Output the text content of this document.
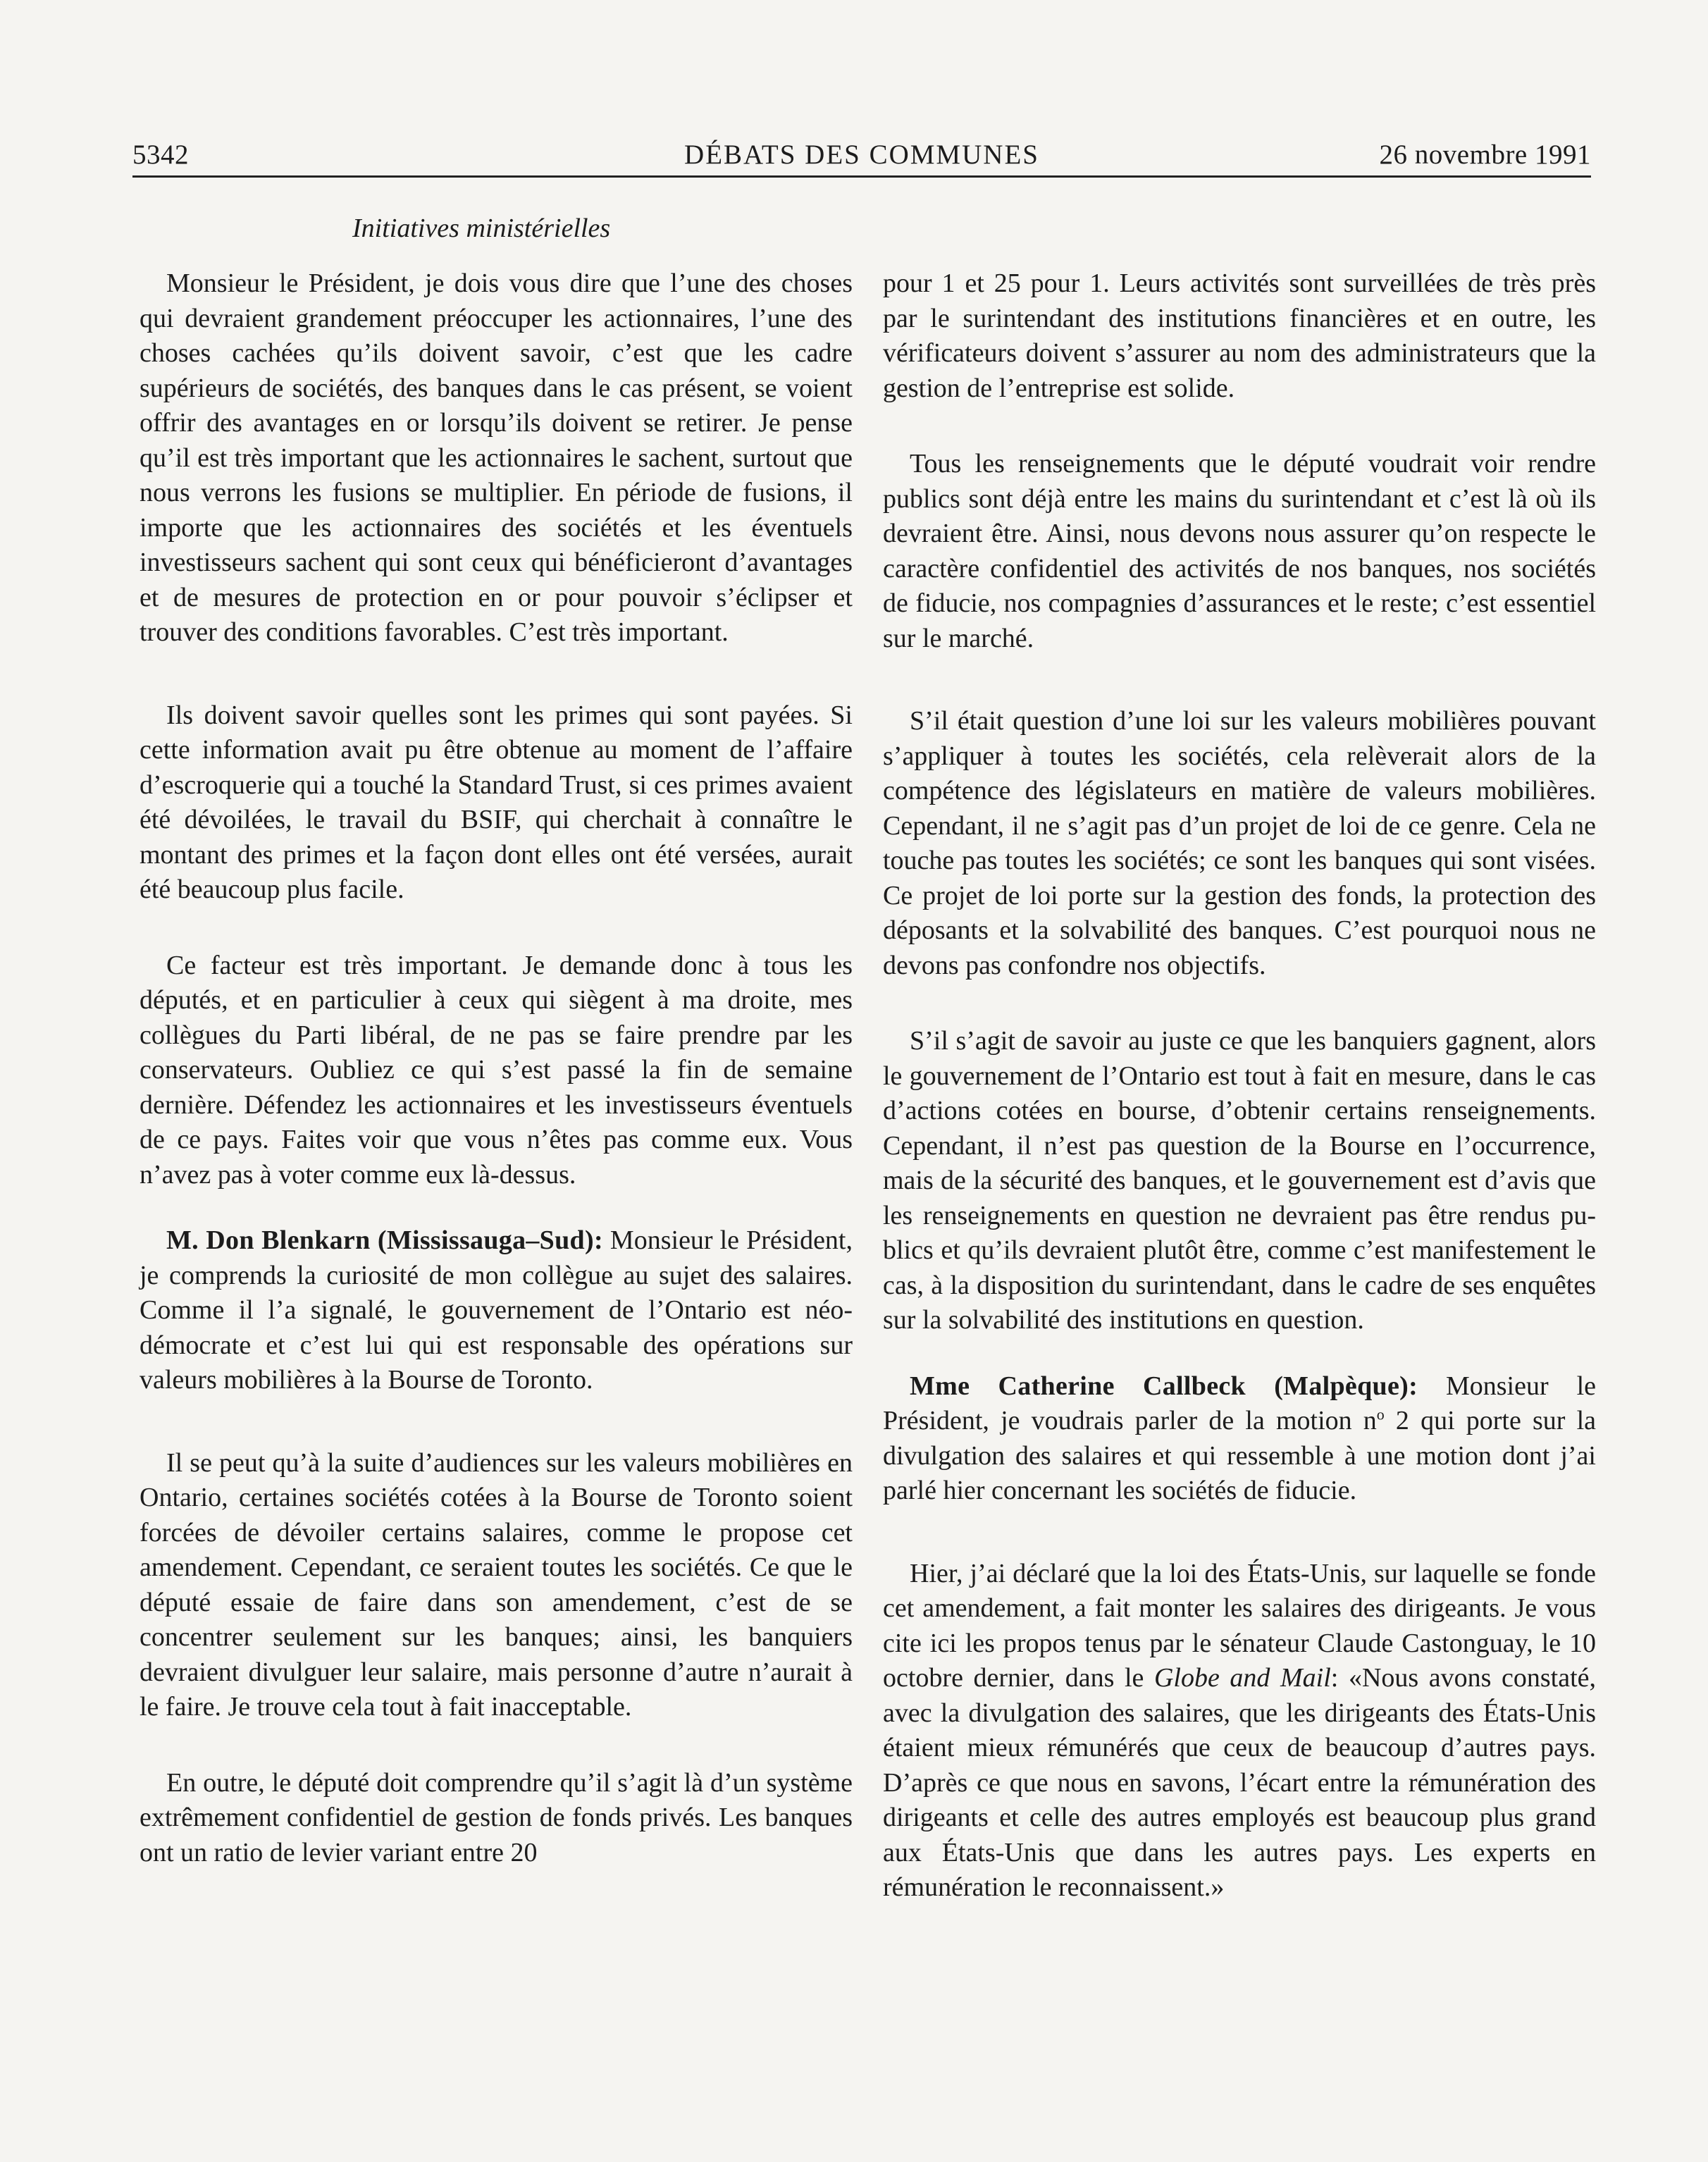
5342	DÉBATS DES COMMUNES	26 novembre 1991
Initiatives ministérielles

Monsieur le Président, je dois vous dire que l’une des choses qui devraient grandement préoccuper les actionnaires, l’une des choses cachées qu’ils doivent savoir, c’est que les cadre supérieurs de sociétés, des banques dans le cas présent, se voient offrir des avantages en or lorsqu’ils doivent se retirer. Je pense qu’il est très important que les actionnaires le sachent, surtout que nous verrons les fusions se multiplier. En période de fusions, il importe que les actionnaires des sociétés et les éventuels investisseurs sachent qui sont ceux qui bénéficieront d’avantages et de mesures de protection en or pour pouvoir s’éclipser et trouver des conditions favorables. C’est très important.

Ils doivent savoir quelles sont les primes qui sont payées. Si cette information avait pu être obtenue au moment de l’affaire d’escroquerie qui a touché la Standard Trust, si ces primes avaient été dévoilées, le travail du BSIF, qui cherchait à connaître le montant des primes et la façon dont elles ont été versées, aurait été beaucoup plus facile.

Ce facteur est très important. Je demande donc à tous les députés, et en particulier à ceux qui siègent à ma droite, mes collègues du Parti libéral, de ne pas se faire prendre par les conservateurs. Oubliez ce qui s’est passé la fin de semaine dernière. Défendez les actionnaires et les investisseurs éventuels de ce pays. Faites voir que vous n’êtes pas comme eux. Vous n’avez pas à voter comme eux là-dessus.

M. Don Blenkarn (Mississauga–Sud): Monsieur le Président, je comprends la curiosité de mon collègue au sujet des salaires. Comme il l’a signalé, le gouvernement de l’Ontario est néo-démocrate et c’est lui qui est responsable des opérations sur valeurs mobilières à la Bourse de Toronto.

Il se peut qu’à la suite d’audiences sur les valeurs mobilières en Ontario, certaines sociétés cotées à la Bourse de Toronto soient forcées de dévoiler certains salaires, comme le propose cet amendement. Cependant, ce seraient toutes les sociétés. Ce que le député essaie de faire dans son amendement, c’est de se concentrer seulement sur les banques; ainsi, les banquiers devraient divulguer leur salaire, mais personne d’autre n’aurait à le faire. Je trouve cela tout à fait inacceptable.

En outre, le député doit comprendre qu’il s’agit là d’un système extrêmement confidentiel de gestion de fonds privés. Les banques ont un ratio de levier variant entre 20

pour 1 et 25 pour 1. Leurs activités sont surveillées de très près par le surintendant des institutions financières et en outre, les vérificateurs doivent s’assurer au nom des administrateurs que la gestion de l’entreprise est solide.

Tous les renseignements que le député voudrait voir rendre publics sont déjà entre les mains du surintendant et c’est là où ils devraient être. Ainsi, nous devons nous assurer qu’on respecte le caractère confidentiel des activités de nos banques, nos sociétés de fiducie, nos compagnies d’assurances et le reste; c’est essentiel sur le marché.

S’il était question d’une loi sur les valeurs mobilières pouvant s’appliquer à toutes les sociétés, cela relèverait alors de la compétence des législateurs en matière de valeurs mobilières. Cependant, il ne s’agit pas d’un projet de loi de ce genre. Cela ne touche pas toutes les sociétés; ce sont les banques qui sont visées. Ce projet de loi porte sur la gestion des fonds, la protection des déposants et la solvabilité des banques. C’est pourquoi nous ne devons pas confondre nos objectifs.

S’il s’agit de savoir au juste ce que les banquiers gagnent, alors le gouvernement de l’Ontario est tout à fait en mesure, dans le cas d’actions cotées en bourse, d’obtenir certains renseignements. Cependant, il n’est pas question de la Bourse en l’occurrence, mais de la sécurité des banques, et le gouvernement est d’avis que les renseignements en question ne devraient pas être rendus publics et qu’ils devraient plutôt être, comme c’est manifestement le cas, à la disposition du surintendant, dans le cadre de ses enquêtes sur la solvabilité des institutions en question.

Mme Catherine Callbeck (Malpèque): Monsieur le Président, je voudrais parler de la motion $n^o$ 2 qui porte sur la divulgation des salaires et qui ressemble à une motion dont j’ai parlé hier concernant les sociétés de fiducie.

Hier, j’ai déclaré que la loi des États-Unis, sur laquelle se fonde cet amendement, a fait monter les salaires des dirigeants. Je vous cite ici les propos tenus par le sénateur Claude Castonguay, le 10 octobre dernier, dans le Globe and Mail: «Nous avons constaté, avec la divulgation des salaires, que les dirigeants des États-Unis étaient mieux rémunérés que ceux de beaucoup d’autres pays. D’après ce que nous en savons, l’écart entre la rémunération des dirigeants et celle des autres employés est beaucoup plus grand aux États-Unis que dans les autres pays. Les experts en rémunération le reconnaissent.»
